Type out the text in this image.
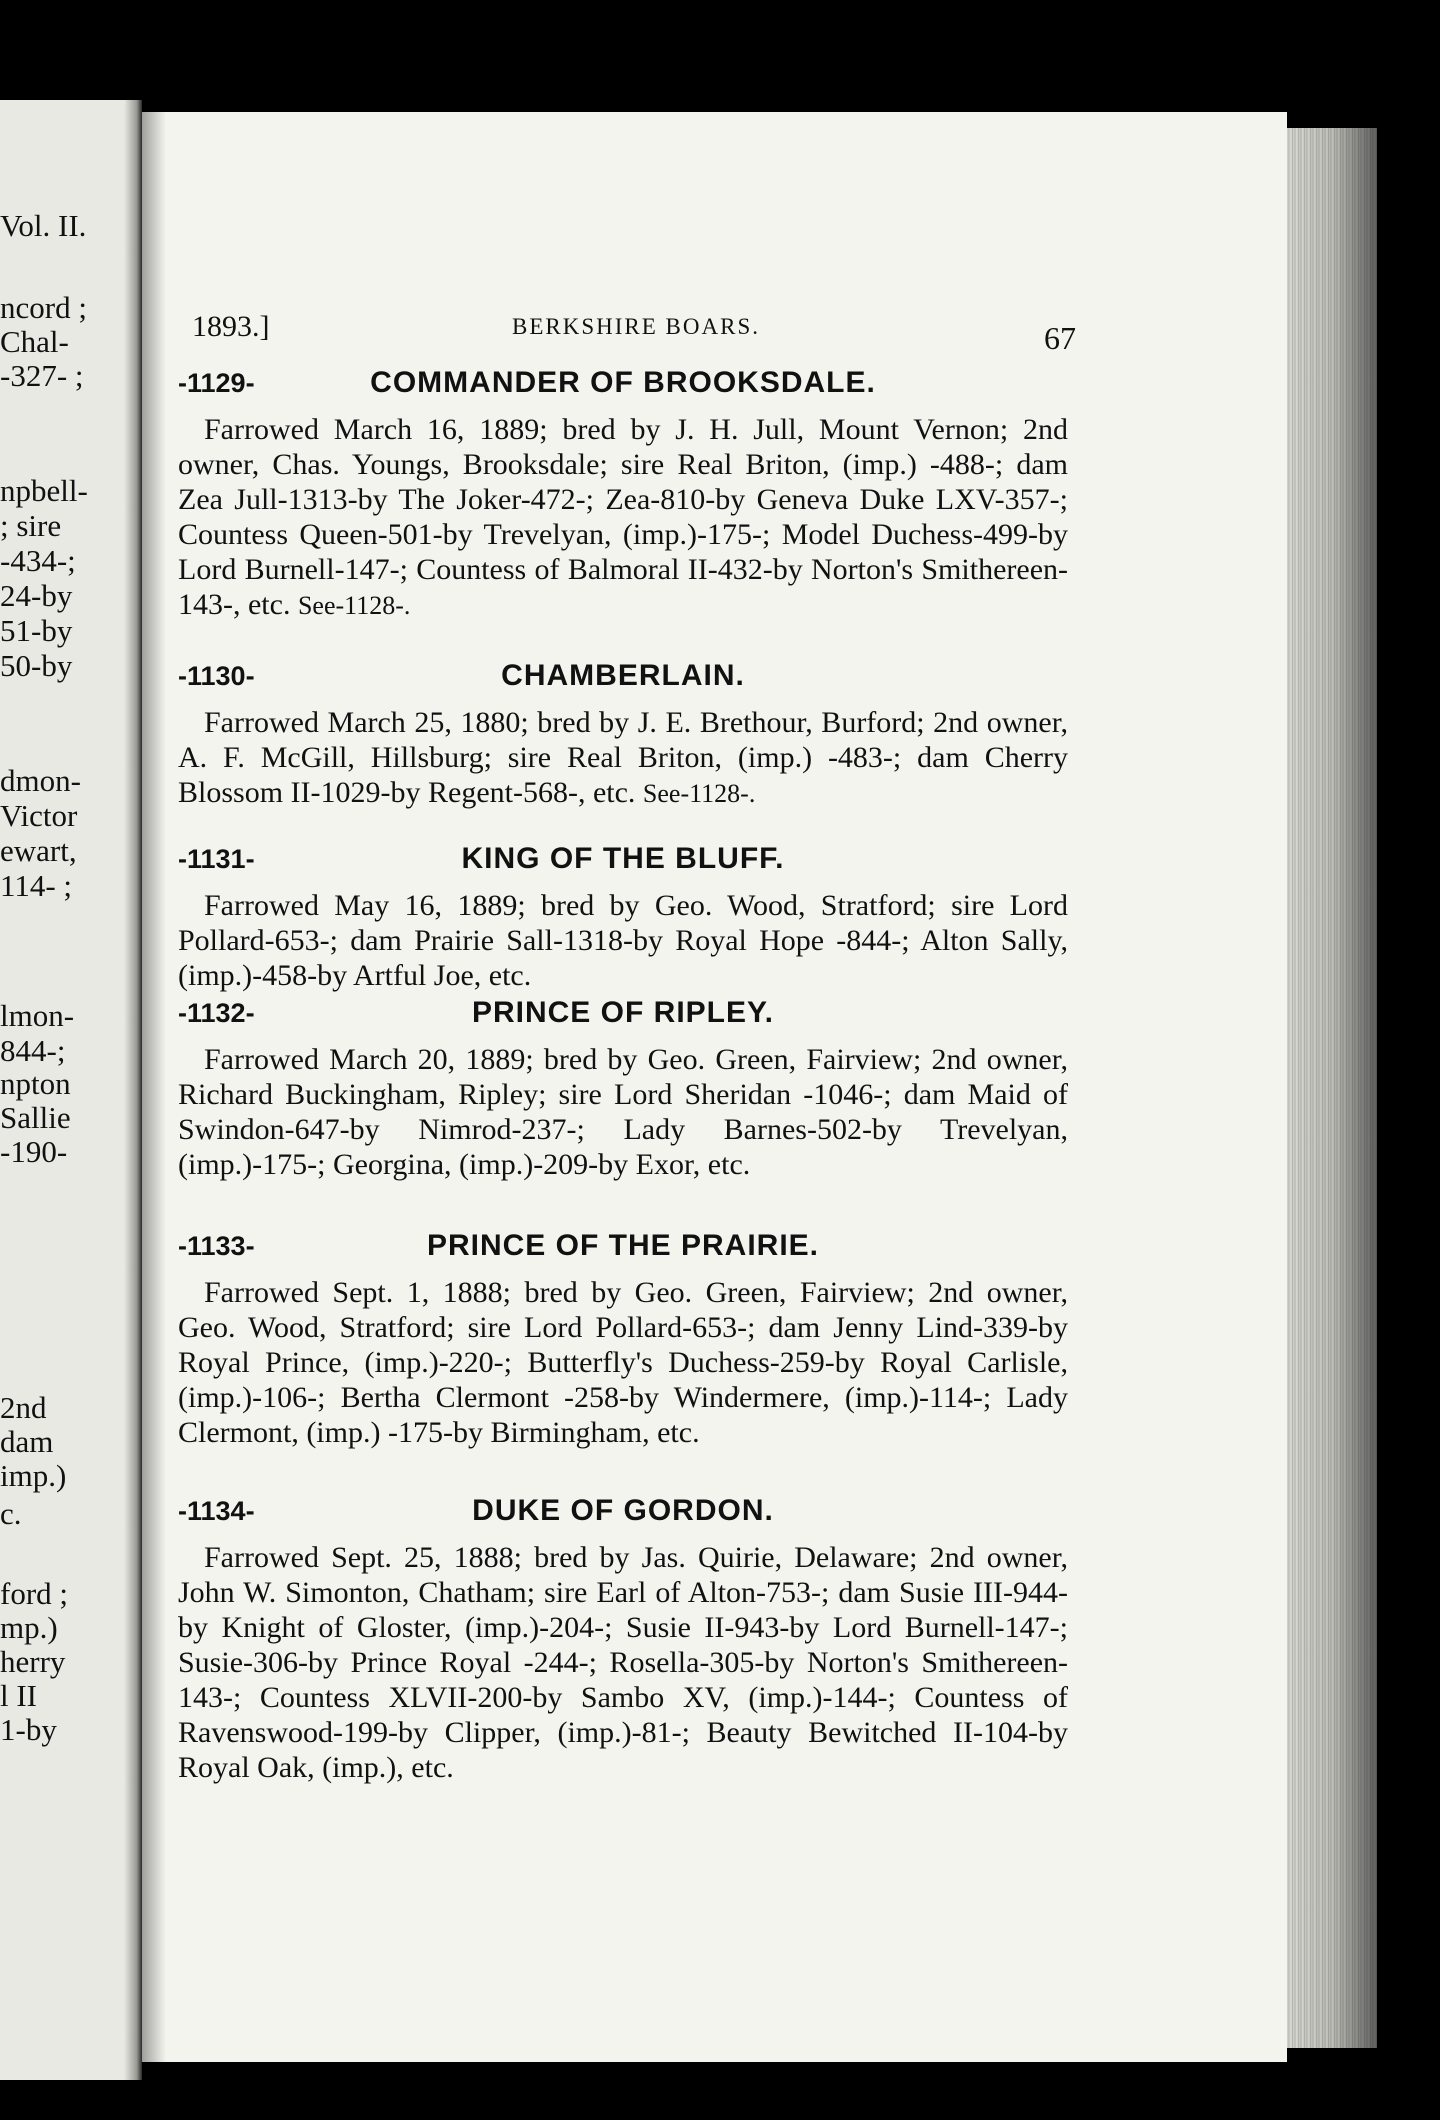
Vol. II.
ncord ;
Chal-
-327- ;
npbell-
; sire
-434-;
24-by
51-by
50-by
dmon-
Victor
ewart,
114- ;
lmon-
844-;
npton
Sallie
-190-
2nd
dam
imp.)
c.
ford ;
mp.)
herry
l II
1-by
1893.]	BERKSHIRE BOARS.	67
-1129-	COMMANDER OF BROOKSDALE.
Farrowed March 16, 1889; bred by J. H. Jull, Mount Vernon; 2nd owner, Chas. Youngs, Brooksdale; sire Real Briton, (imp.) -488-; dam Zea Jull-1313-by The Joker-472-; Zea-810-by Geneva Duke LXV-357-; Countess Queen-501-by Trevelyan, (imp.)-175-; Model Duchess-499-by Lord Burnell-147-; Countess of Balmoral II-432-by Norton's Smithereen-143-, etc. See-1128-.
-1130-	CHAMBERLAIN.
Farrowed March 25, 1880; bred by J. E. Brethour, Burford; 2nd owner, A. F. McGill, Hillsburg; sire Real Briton, (imp.) -483-; dam Cherry Blossom II-1029-by Regent-568-, etc. See-1128-.
-1131-	KING OF THE BLUFF.
Farrowed May 16, 1889; bred by Geo. Wood, Stratford; sire Lord Pollard-653-; dam Prairie Sall-1318-by Royal Hope -844-; Alton Sally, (imp.)-458-by Artful Joe, etc.
-1132-	PRINCE OF RIPLEY.
Farrowed March 20, 1889; bred by Geo. Green, Fairview; 2nd owner, Richard Buckingham, Ripley; sire Lord Sheridan -1046-; dam Maid of Swindon-647-by Nimrod-237-; Lady Barnes-502-by Trevelyan, (imp.)-175-; Georgina, (imp.)-209-by Exor, etc.
-1133-	PRINCE OF THE PRAIRIE.
Farrowed Sept. 1, 1888; bred by Geo. Green, Fairview; 2nd owner, Geo. Wood, Stratford; sire Lord Pollard-653-; dam Jenny Lind-339-by Royal Prince, (imp.)-220-; Butterfly's Duchess-259-by Royal Carlisle, (imp.)-106-; Bertha Clermont -258-by Windermere, (imp.)-114-; Lady Clermont, (imp.) -175-by Birmingham, etc.
-1134-	DUKE OF GORDON.
Farrowed Sept. 25, 1888; bred by Jas. Quirie, Delaware; 2nd owner, John W. Simonton, Chatham; sire Earl of Alton-753-; dam Susie III-944-by Knight of Gloster, (imp.)-204-; Susie II-943-by Lord Burnell-147-; Susie-306-by Prince Royal -244-; Rosella-305-by Norton's Smithereen-143-; Countess XLVII-200-by Sambo XV, (imp.)-144-; Countess of Ravenswood-199-by Clipper, (imp.)-81-; Beauty Bewitched II-104-by Royal Oak, (imp.), etc.
